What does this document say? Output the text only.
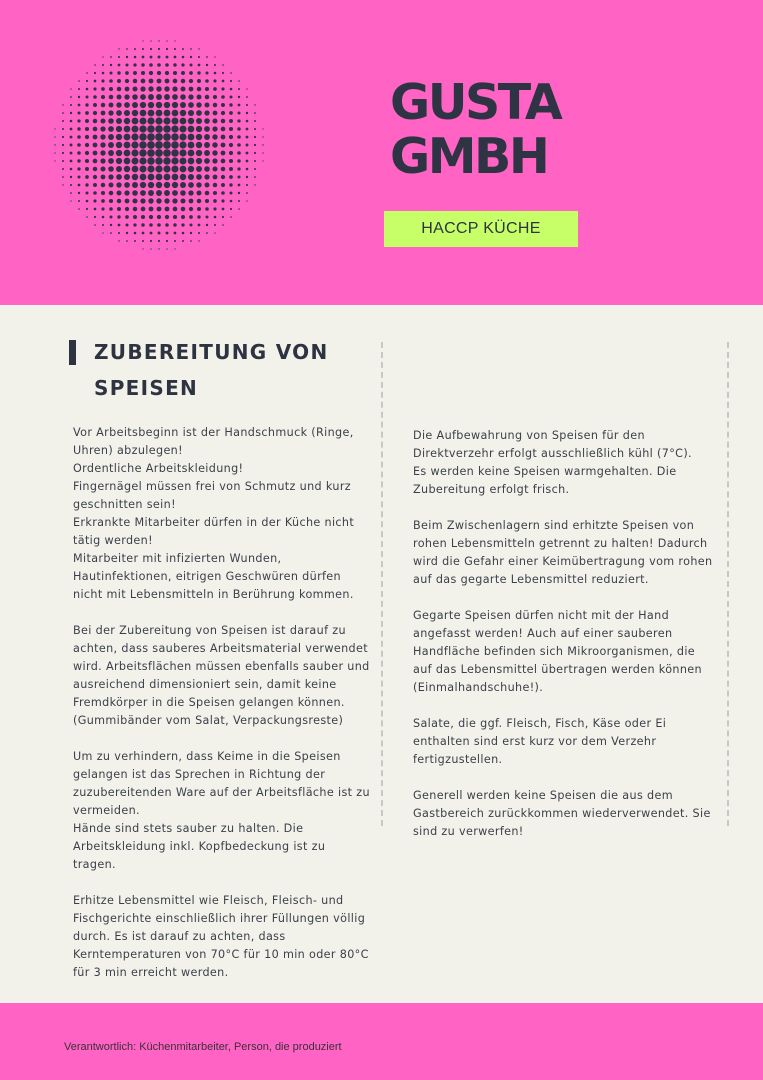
GUSTA
GMBH
HACCP KÜCHE
ZUBEREITUNG VON SPEISEN

Vor Arbeitsbeginn ist der Handschmuck (Ringe, Uhren) abzulegen!
Ordentliche Arbeitskleidung!
Fingernägel müssen frei von Schmutz und kurz geschnitten sein!
Erkrankte Mitarbeiter dürfen in der Küche nicht tätig werden!
Mitarbeiter mit infizierten Wunden, Hautinfektionen, eitrigen Geschwüren dürfen nicht mit Lebensmitteln in Berührung kommen.

Bei der Zubereitung von Speisen ist darauf zu achten, dass sauberes Arbeitsmaterial verwendet wird. Arbeitsflächen müssen ebenfalls sauber und ausreichend dimensioniert sein, damit keine Fremdkörper in die Speisen gelangen können. (Gummibänder vom Salat, Verpackungsreste)

Um zu verhindern, dass Keime in die Speisen gelangen ist das Sprechen in Richtung der zuzubereitenden Ware auf der Arbeitsfläche ist zu vermeiden.
Hände sind stets sauber zu halten. Die Arbeitskleidung inkl. Kopfbedeckung ist zu tragen.

Erhitze Lebensmittel wie Fleisch, Fleisch- und Fischgerichte einschließlich ihrer Füllungen völlig durch. Es ist darauf zu achten, dass Kerntemperaturen von 70°C für 10 min oder 80°C für 3 min erreicht werden.

Die Aufbewahrung von Speisen für den Direktverzehr erfolgt ausschließlich kühl (7°C).
Es werden keine Speisen warmgehalten. Die Zubereitung erfolgt frisch.

Beim Zwischenlagern sind erhitzte Speisen von rohen Lebensmitteln getrennt zu halten! Dadurch wird die Gefahr einer Keimübertragung vom rohen auf das gegarte Lebensmittel reduziert.

Gegarte Speisen dürfen nicht mit der Hand angefasst werden! Auch auf einer sauberen Handfläche befinden sich Mikroorganismen, die auf das Lebensmittel übertragen werden können (Einmalhandschuhe!).

Salate, die ggf. Fleisch, Fisch, Käse oder Ei enthalten sind erst kurz vor dem Verzehr fertigzustellen.

Generell werden keine Speisen die aus dem Gastbereich zurückkommen wiederverwendet. Sie sind zu verwerfen!

Verantwortlich: Küchenmitarbeiter, Person, die produziert
